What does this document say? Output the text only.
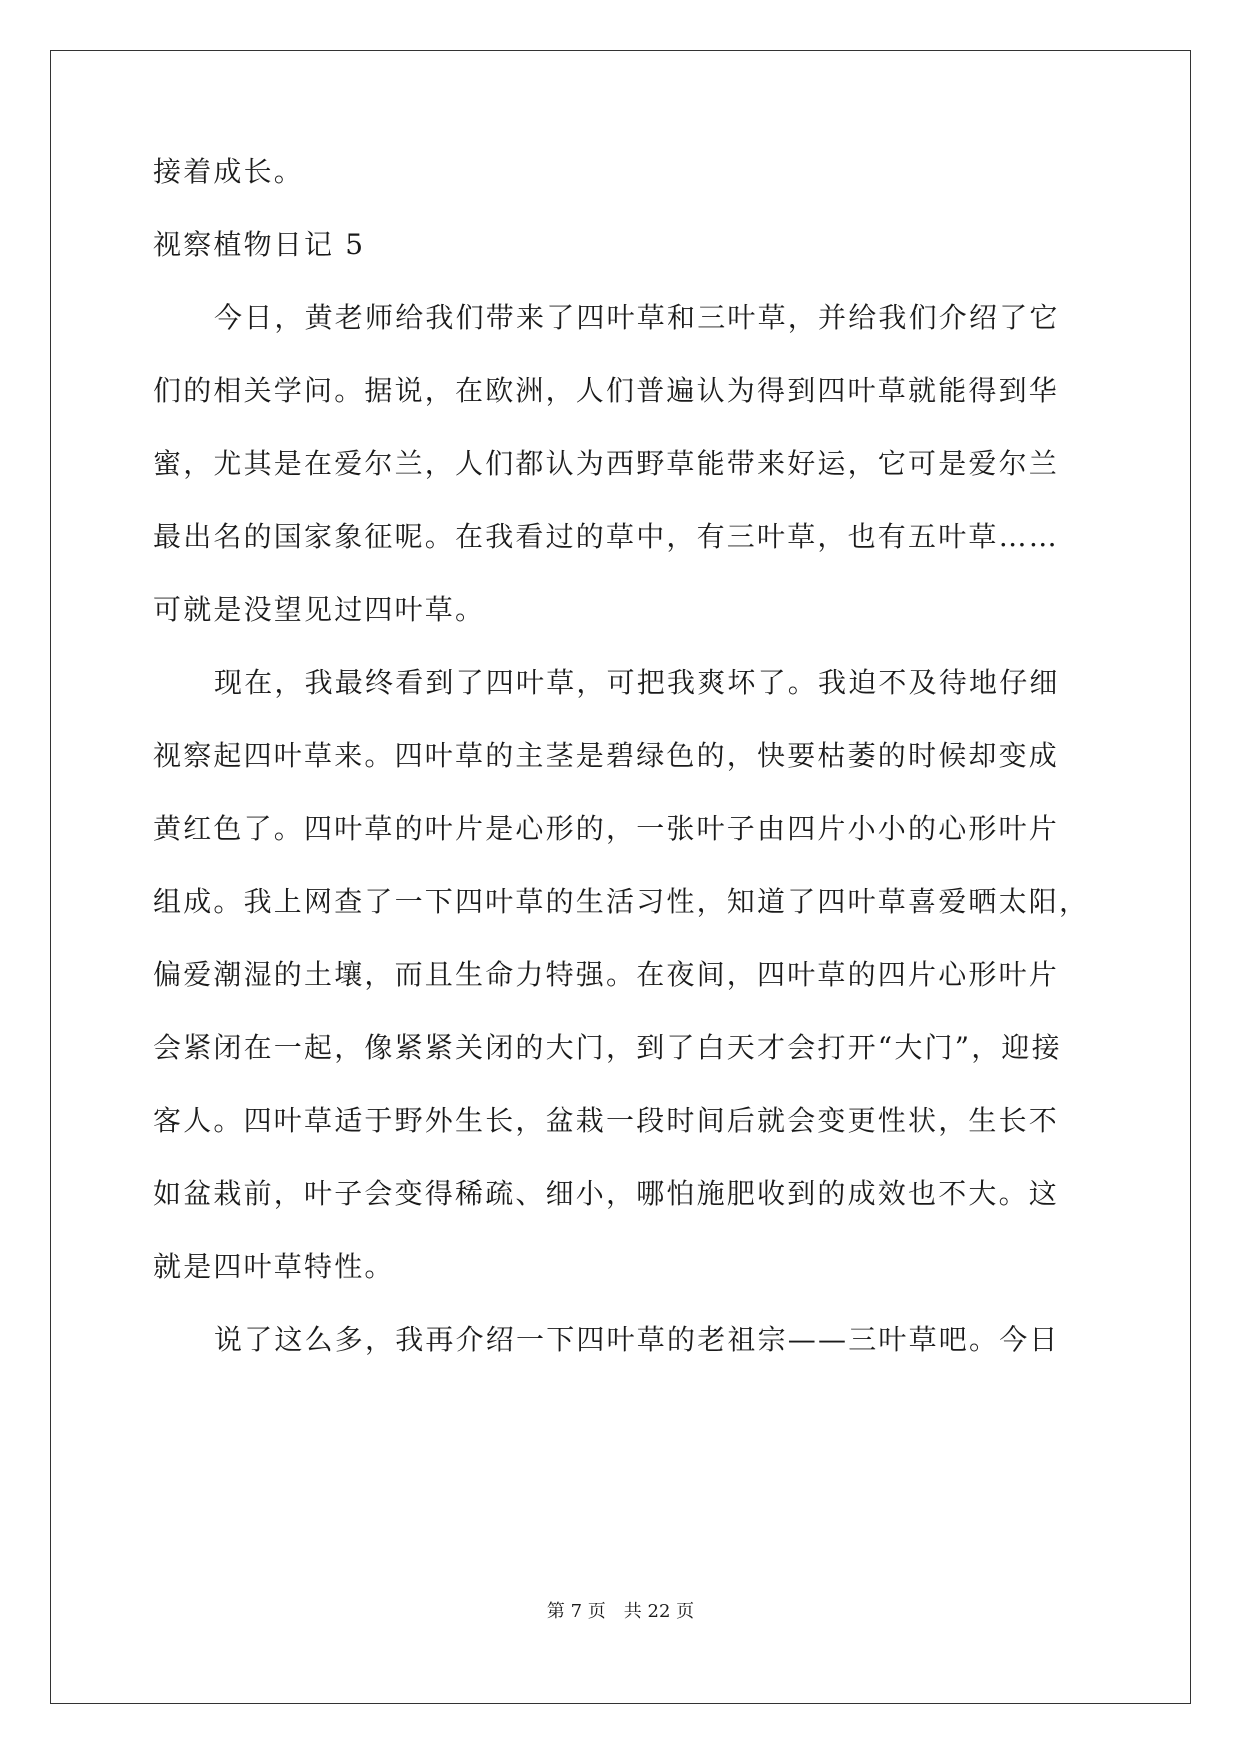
接着成长。
视察植物日记 5
今日，黄老师给我们带来了四叶草和三叶草，并给我们介绍了它
们的相关学问。据说，在欧洲，人们普遍认为得到四叶草就能得到华
蜜，尤其是在爱尔兰，人们都认为西野草能带来好运，它可是爱尔兰
最出名的国家象征呢。在我看过的草中，有三叶草，也有五叶草……
可就是没望见过四叶草。
现在，我最终看到了四叶草，可把我爽坏了。我迫不及待地仔细
视察起四叶草来。四叶草的主茎是碧绿色的，快要枯萎的时候却变成
黄红色了。四叶草的叶片是心形的，一张叶子由四片小小的心形叶片
组成。我上网查了一下四叶草的生活习性，知道了四叶草喜爱晒太阳，
偏爱潮湿的土壤，而且生命力特强。在夜间，四叶草的四片心形叶片
会紧闭在一起，像紧紧关闭的大门，到了白天才会打开“大门”，迎接
客人。四叶草适于野外生长，盆栽一段时间后就会变更性状，生长不
如盆栽前，叶子会变得稀疏、细小，哪怕施肥收到的成效也不大。这
就是四叶草特性。
说了这么多，我再介绍一下四叶草的老祖宗——三叶草吧。今日
第 7 页　共 22 页
